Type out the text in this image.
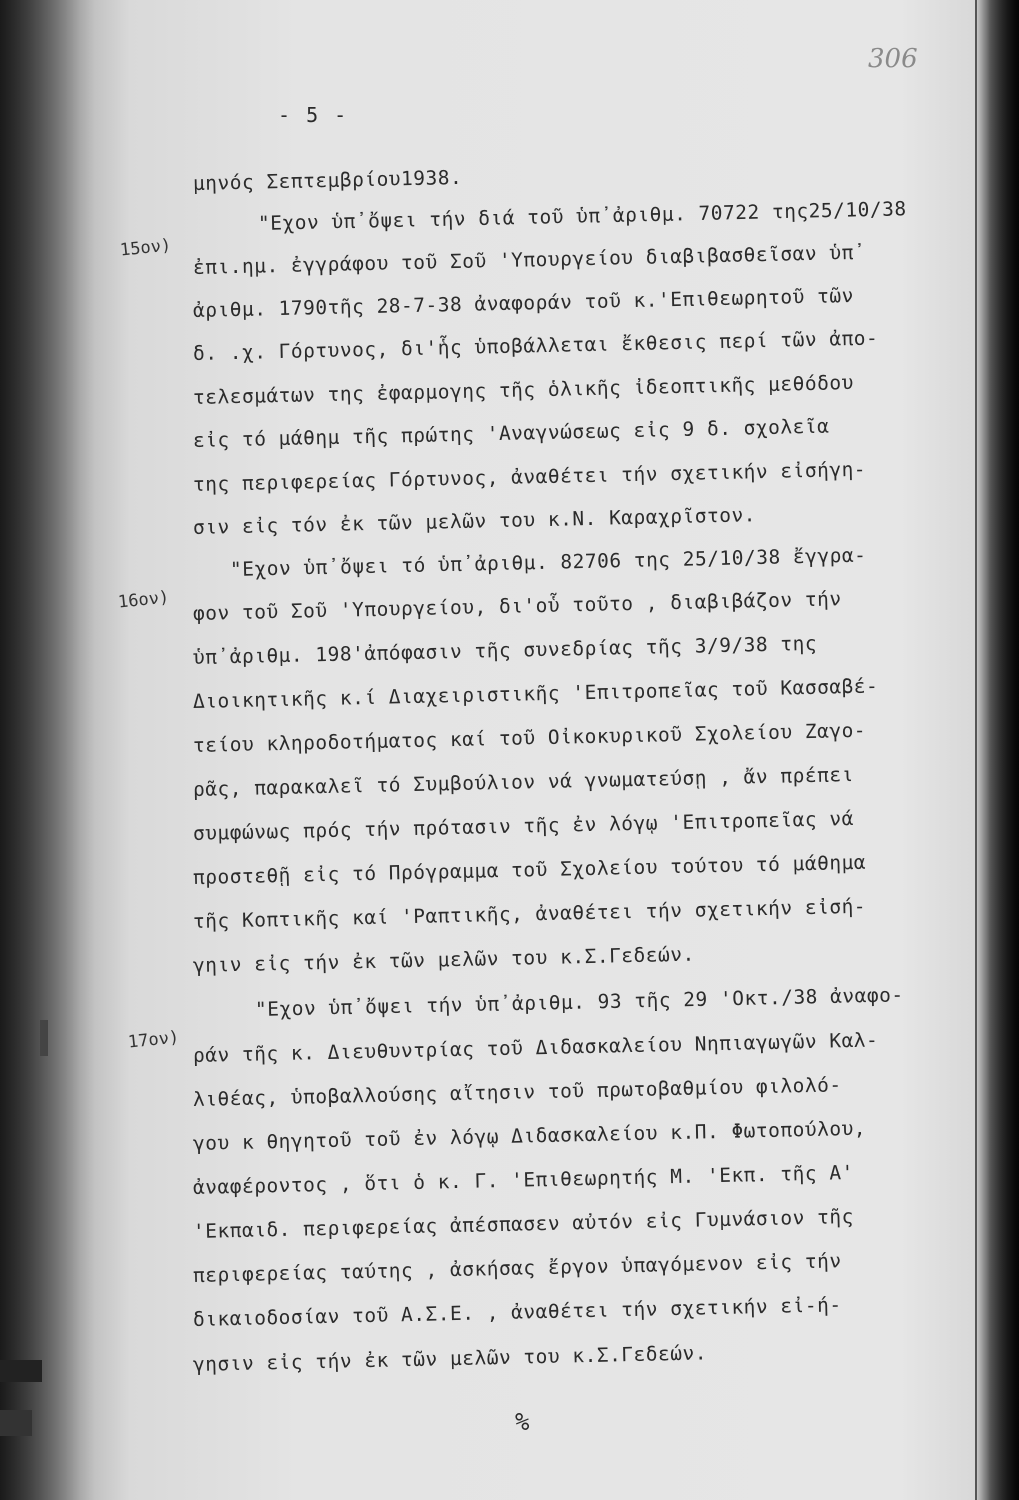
306
- 5 -
15ον)
16ον)
17ον)
μηνός Σεπτεμβρίου1938.
"Εχον ὑπ᾽ὄψει τήν διά τοῦ ὑπ᾽ἀριθμ. 70722 της25/10/38
ἐπι.ημ. ἐγγράφου τοῦ Σοῦ 'Υπουργείου διαβιβασθεῖσαν ὑπ᾽
ἀριθμ. 1790τῆς 28-7-38 ἀναφοράν τοῦ κ.'Επιθεωρητοῦ τῶν
δ. .χ. Γόρτυνος, δι'ἧς ὑποβάλλεται ἔκθεσις περί τῶν ἀπο-
τελεσμάτων της ἐφαρμογης τῆς ὁλικῆς ἰδεοπτικῆς μεθόδου
εἰς τό μάθημ τῆς πρώτης 'Αναγνώσεως εἰς 9 δ. σχολεῖα
της περιφερείας Γόρτυνος, ἀναθέτει τήν σχετικήν εἰσήγη-
σιν εἰς τόν ἐκ τῶν μελῶν του κ.Ν. Καραχρῖστον.
"Εχον ὑπ᾽ὄψει τό ὑπ᾽ἀριθμ. 82706 της 25/10/38 ἔγγρα-
φον τοῦ Σοῦ 'Υπουργείου, δι'οὗ τοῦτο , διαβιβάζον τήν
ὑπ᾽ἀριθμ. 198'ἀπόφασιν τῆς συνεδρίας τῆς 3/9/38 της
Διοικητικῆς κ.ί Διαχειριστικῆς 'Επιτροπεῖας τοῦ Κασσαβέ-
τείου κληροδοτήματος καί τοῦ Οἰκοκυρικοῦ Σχολείου Ζαγο-
ρᾶς, παρακαλεῖ τό Συμβούλιον νά γνωματεύσῃ , ἄν πρέπει
συμφώνως πρός τήν πρότασιν τῆς ἐν λόγῳ 'Επιτροπεῖας νά
προστεθῇ εἰς τό Πρόγραμμα τοῦ Σχολείου τούτου τό μάθημα
τῆς Κοπτικῆς καί 'Ραπτικῆς, ἀναθέτει τήν σχετικήν εἰσή-
γηιν εἰς τήν ἐκ τῶν μελῶν του κ.Σ.Γεδεών.
"Εχον ὑπ᾽ὄψει τήν ὑπ᾽ἀριθμ. 93 τῆς 29 'Οκτ./38 ἀναφο-
ράν τῆς κ. Διευθυντρίας τοῦ Διδασκαλείου Νηπιαγωγῶν Καλ-
λιθέας, ὑποβαλλούσης αἴτησιν τοῦ πρωτοβαθμίου φιλολό-
γου κ θηγητοῦ τοῦ ἐν λόγῳ Διδασκαλείου κ.Π. Φωτοπούλου,
ἀναφέροντος , ὅτι ὁ κ. Γ. 'Επιθεωρητής Μ. 'Εκπ. τῆς Α'
'Εκπαιδ. περιφερείας ἀπέσπασεν αὐτόν εἰς Γυμνάσιον τῆς
περιφερείας ταύτης , ἀσκήσας ἔργον ὑπαγόμενον εἰς τήν
δικαιοδοσίαν τοῦ Α.Σ.Ε. , ἀναθέτει τήν σχετικήν εἰ-ή-
γησιν εἰς τήν ἐκ τῶν μελῶν του κ.Σ.Γεδεών.
%
